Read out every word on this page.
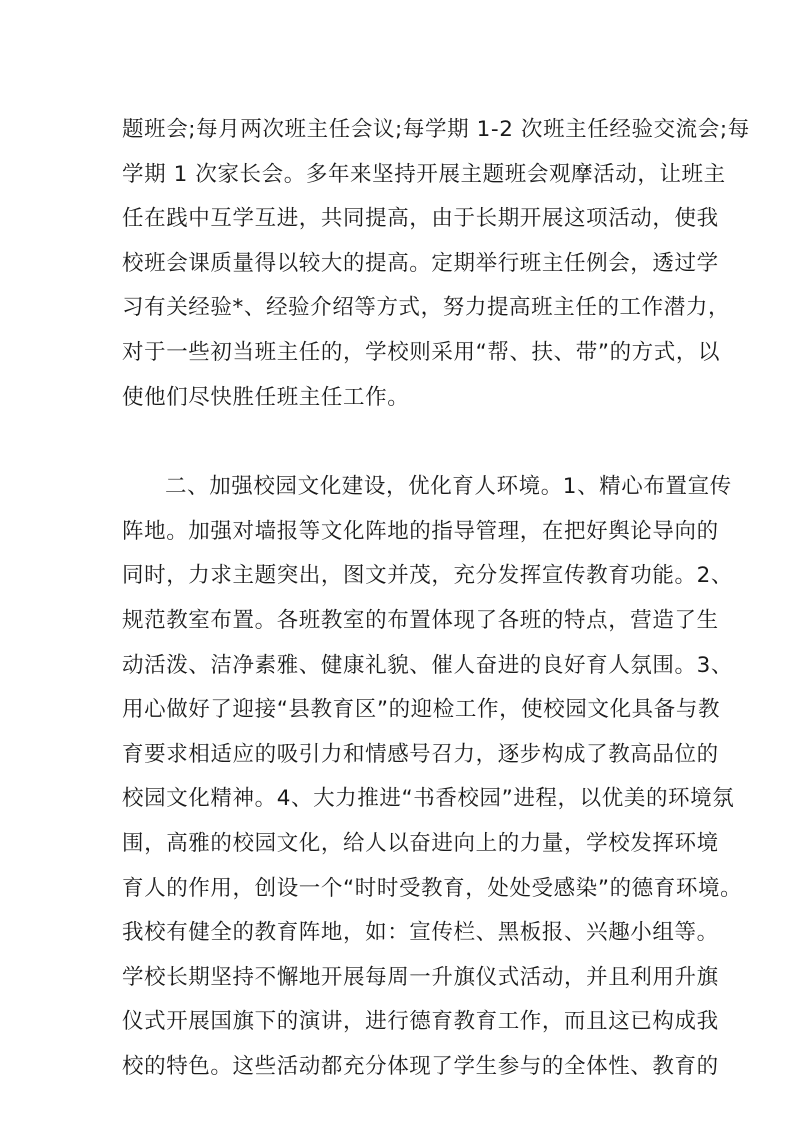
题班会;每月两次班主任会议;每学期 1-2 次班主任经验交流会;每
学期 1 次家长会。多年来坚持开展主题班会观摩活动，让班主
任在践中互学互进，共同提高，由于长期开展这项活动，使我
校班会课质量得以较大的提高。定期举行班主任例会，透过学
习有关经验*、经验介绍等方式，努力提高班主任的工作潜力，
对于一些初当班主任的，学校则采用“帮、扶、带”的方式，以
使他们尽快胜任班主任工作。

二、加强校园文化建设，优化育人环境。1、精心布置宣传
阵地。加强对墙报等文化阵地的指导管理，在把好舆论导向的
同时，力求主题突出，图文并茂，充分发挥宣传教育功能。2、
规范教室布置。各班教室的布置体现了各班的特点，营造了生
动活泼、洁净素雅、健康礼貌、催人奋进的良好育人氛围。3、
用心做好了迎接“县教育区”的迎检工作，使校园文化具备与教
育要求相适应的吸引力和情感号召力，逐步构成了教高品位的
校园文化精神。4、大力推进“书香校园”进程，以优美的环境氛
围，高雅的校园文化，给人以奋进向上的力量，学校发挥环境
育人的作用，创设一个“时时受教育，处处受感染”的德育环境。
我校有健全的教育阵地，如：宣传栏、黑板报、兴趣小组等。
学校长期坚持不懈地开展每周一升旗仪式活动，并且利用升旗
仪式开展国旗下的演讲，进行德育教育工作，而且这已构成我
校的特色。这些活动都充分体现了学生参与的全体性、教育的
